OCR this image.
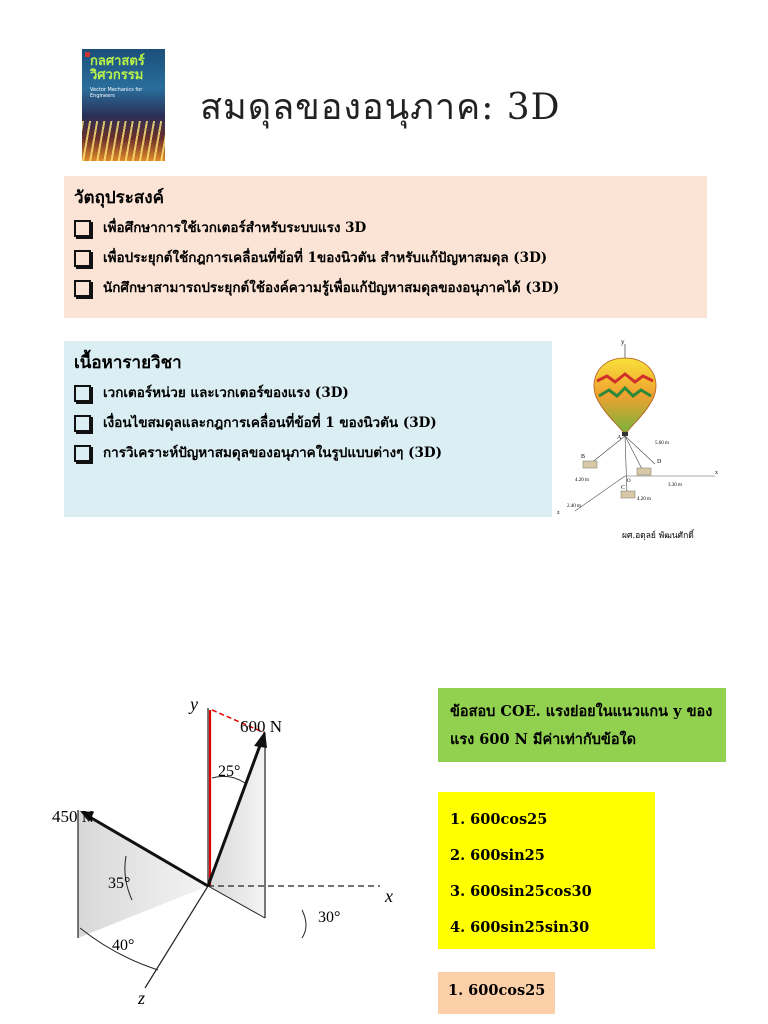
กลศาสตร์วิศวกรรม
Vector Mechanics for Engineers	สมดุลของอนุภาค: 3D
วัตถุประสงค์
เพื่อศึกษาการใช้เวกเตอร์สำหรับระบบแรง 3D
เพื่อประยุกต์ใช้กฎการเคลื่อนที่ข้อที่ 1ของนิวตัน สำหรับแก้ปัญหาสมดุล (3D)
นักศึกษาสามารถประยุกต์ใช้องค์ความรู้เพื่อแก้ปัญหาสมดุลของอนุภาคได้ (3D)
เนื้อหารายวิชา
เวกเตอร์หน่วย และเวกเตอร์ของแรง (3D)
เงื่อนไขสมดุลและกฎการเคลื่อนที่ข้อที่ 1 ของนิวตัน (3D)
การวิเคราะห์ปัญหาสมดุลของอนุภาคในรูปแบบต่างๆ (3D)
y
A
x
z
B
C
D
O
5.60 m
4.20 m
2.40 m
4.20 m
3.30 m
ผศ.อดุลย์ พัฒนศักดิ์
y
x
z
600 N
450 N
25°
35°
40°
30°
ข้อสอบ COE. แรงย่อยในแนวแกน y ของแรง 600 N มีค่าเท่ากับข้อใด
1. 600cos25
2. 600sin25
3. 600sin25cos30
4. 600sin25sin30
1. 600cos25
